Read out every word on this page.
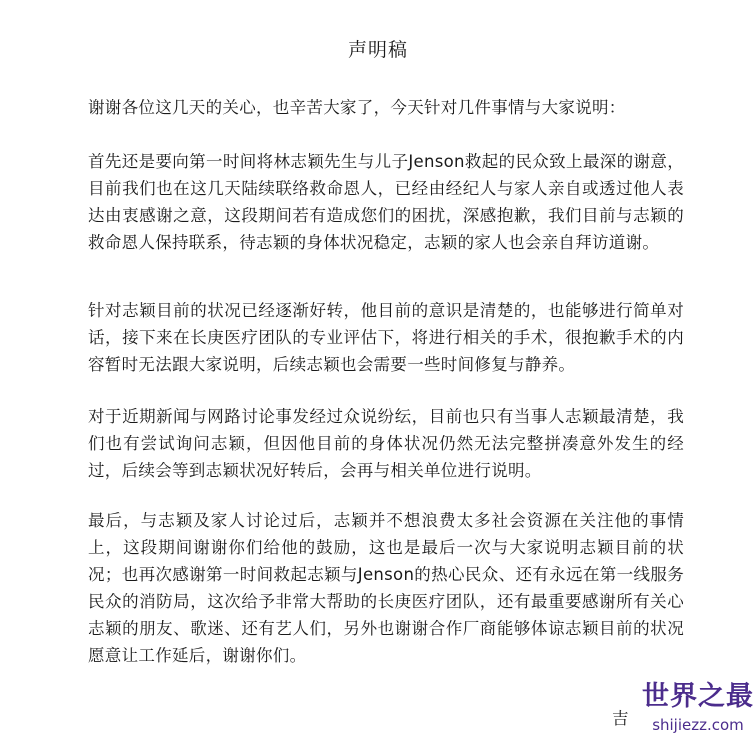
声明稿

谢谢各位这几天的关心，也辛苦大家了，今天针对几件事情与大家说明：

首先还是要向第一时间将林志颖先生与儿子Jenson救起的民众致上最深的谢意，目前我们也在这几天陆续联络救命恩人，已经由经纪人与家人亲自或透过他人表达由衷感谢之意，这段期间若有造成您们的困扰，深感抱歉，我们目前与志颖的救命恩人保持联系，待志颖的身体状况稳定，志颖的家人也会亲自拜访道谢。

针对志颖目前的状况已经逐渐好转，他目前的意识是清楚的，也能够进行简单对话，接下来在长庚医疗团队的专业评估下，将进行相关的手术，很抱歉手术的内容暂时无法跟大家说明，后续志颖也会需要一些时间修复与静养。

对于近期新闻与网路讨论事发经过众说纷纭，目前也只有当事人志颖最清楚，我们也有尝试询问志颖，但因他目前的身体状况仍然无法完整拼凑意外发生的经过，后续会等到志颖状况好转后，会再与相关单位进行说明。

最后，与志颖及家人讨论过后，志颖并不想浪费太多社会资源在关注他的事情上，这段期间谢谢你们给他的鼓励，这也是最后一次与大家说明志颖目前的状况；也再次感谢第一时间救起志颖与Jenson的热心民众、还有永远在第一线服务民众的消防局，这次给予非常大帮助的长庚医疗团队，还有最重要感谢所有关心志颖的朋友、歌迷、还有艺人们，另外也谢谢合作厂商能够体谅志颖目前的状况愿意让工作延后，谢谢你们。

吉
世界之最
shijiezz.com
